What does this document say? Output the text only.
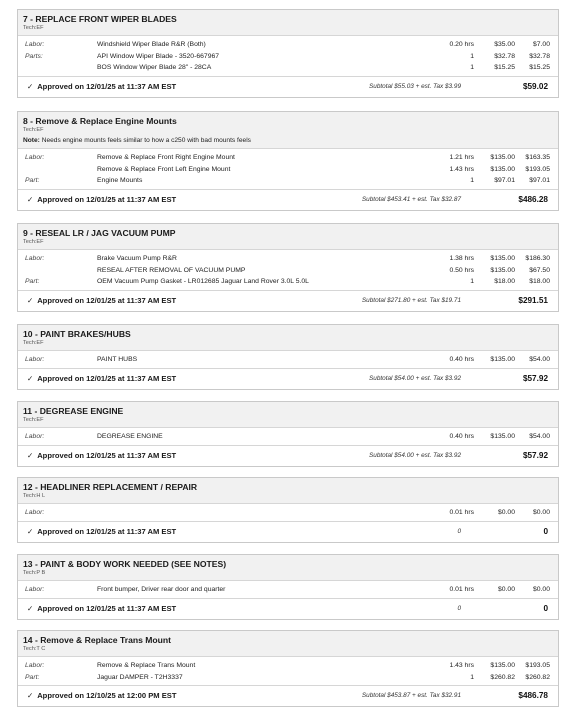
7 - REPLACE FRONT WIPER BLADES
Tech:EF
Labor:	Windshield Wiper Blade R&R (Both)	0.20 hrs	$35.00	$7.00
Parts:	API Window Wiper Blade - 3520-667967	1	$32.78 $32.78
BOS Window Wiper Blade 28" - 28CA	1	$15.25 $15.25
✓ Approved on 12/01/25 at 11:37 AM EST	Subtotal $55.03 + est. Tax $3.99	$59.02
8 - Remove & Replace Engine Mounts
Tech:EF
Note: Needs engine mounts feels similar to how a c250 with bad mounts feels
Labor:	Remove & Replace Front Right Engine Mount	1.21 hrs $135.00 $163.35
Remove & Replace Front Left Engine Mount	1.43 hrs $135.00 $193.05
Part:	Engine Mounts	1	$97.01 $97.01
✓ Approved on 12/01/25 at 11:37 AM EST	Subtotal $453.41 + est. Tax $32.87	$486.28
9 - RESEAL LR / JAG VACUUM PUMP
Tech:EF
Labor:	Brake Vacuum Pump R&R	1.38 hrs $135.00 $186.30
RESEAL AFTER REMOVAL OF VACUUM PUMP	0.50 hrs $135.00 $67.50
Part:	OEM Vacuum Pump Gasket - LR012685 Jaguar Land Rover 3.0L 5.0L	1	$18.00 $18.00
✓ Approved on 12/01/25 at 11:37 AM EST	Subtotal $271.80 + est. Tax $19.71	$291.51
10 - PAINT BRAKES/HUBS
Tech:EF
Labor:	PAINT HUBS	0.40 hrs $135.00 $54.00
✓ Approved on 12/01/25 at 11:37 AM EST	Subtotal $54.00 + est. Tax $3.92	$57.92
11 - DEGREASE ENGINE
Tech:EF
Labor:	DEGREASE ENGINE	0.40 hrs $135.00 $54.00
✓ Approved on 12/01/25 at 11:37 AM EST	Subtotal $54.00 + est. Tax $3.92	$57.92
12 - HEADLINER REPLACEMENT / REPAIR
Tech:H L
Labor:	0.01 hrs	$0.00	$0.00
✓ Approved on 12/01/25 at 11:37 AM EST	0	0
13 - PAINT & BODY WORK NEEDED (SEE NOTES)
Tech:P B
Labor:	Front bumper, Driver rear door and quarter	0.01 hrs	$0.00	$0.00
✓ Approved on 12/01/25 at 11:37 AM EST	0	0
14 - Remove & Replace Trans Mount
Tech:T C
Labor:	Remove & Replace Trans Mount	1.43 hrs $135.00 $193.05
Part:	Jaguar DAMPER - T2H3337	1 $260.82 $260.82
✓ Approved on 12/10/25 at 12:00 PM EST	Subtotal $453.87 + est. Tax $32.91	$486.78
